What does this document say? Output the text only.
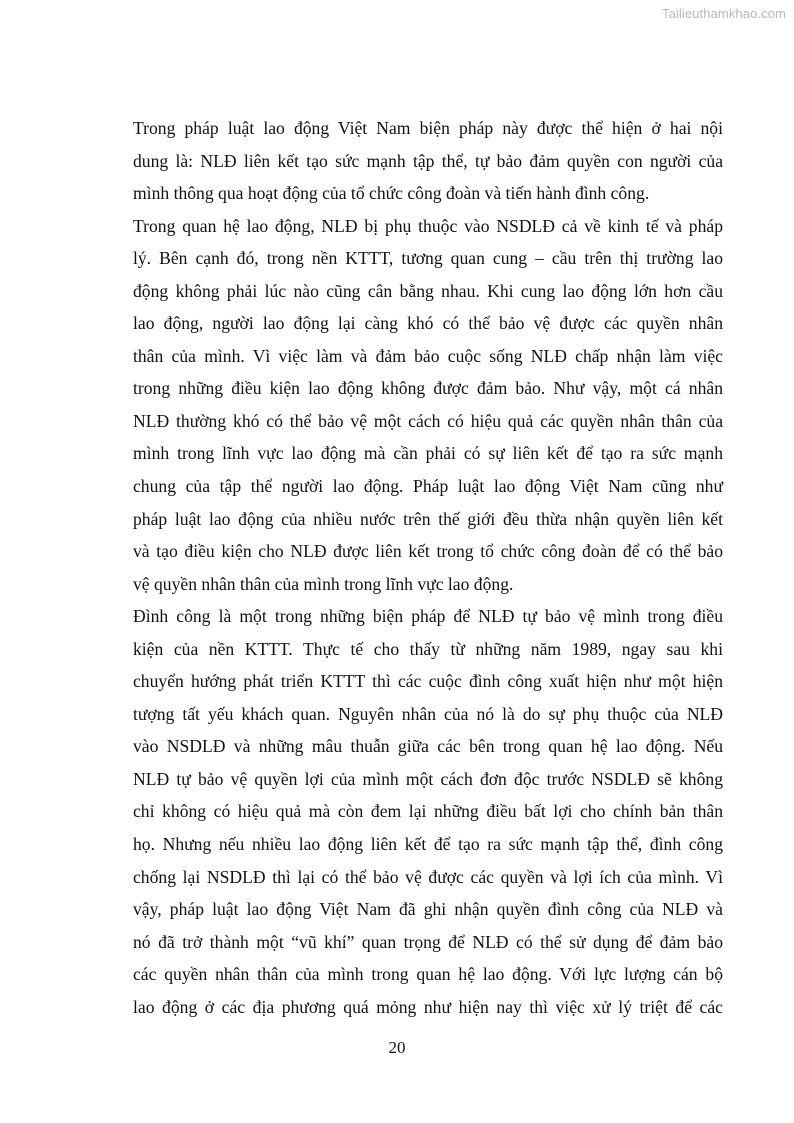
Tailieuthamkhao.com
Trong pháp luật lao động Việt Nam biện pháp này được thể hiện ở hai nội
dung là: NLĐ liên kết tạo sức mạnh tập thể, tự bảo đảm quyền con người của
mình thông qua hoạt động của tổ chức công đoàn và tiến hành đình công.
Trong quan hệ lao động, NLĐ bị phụ thuộc vào NSDLĐ cả về kinh tế và pháp
lý. Bên cạnh đó, trong nền KTTT, tương quan cung – cầu trên thị trường lao
động không phải lúc nào cũng cân bằng nhau. Khi cung lao động lớn hơn cầu
lao động, người lao động lại càng khó có thể bảo vệ được các quyền nhân
thân của mình. Vì việc làm và đảm bảo cuộc sống NLĐ chấp nhận làm việc
trong những điều kiện lao động không được đảm bảo. Như vậy, một cá nhân
NLĐ thường khó có thể bảo vệ một cách có hiệu quả các quyền nhân thân của
mình trong lĩnh vực lao động mà cần phải có sự liên kết để tạo ra sức mạnh
chung của tập thể người lao động. Pháp luật lao động Việt Nam cũng như
pháp luật lao động của nhiều nước trên thế giới đều thừa nhận quyền liên kết
và tạo điều kiện cho NLĐ được liên kết trong tổ chức công đoàn để có thể bảo
vệ quyền nhân thân của mình trong lĩnh vực lao động.
Đình công là một trong những biện pháp để NLĐ tự bảo vệ mình trong điều
kiện của nền KTTT. Thực tế cho thấy từ những năm 1989, ngay sau khi
chuyển hướng phát triển KTTT thì các cuộc đình công xuất hiện như một hiện
tượng tất yếu khách quan. Nguyên nhân của nó là do sự phụ thuộc của NLĐ
vào NSDLĐ và những mâu thuẫn giữa các bên trong quan hệ lao động. Nếu
NLĐ tự bảo vệ quyền lợi của mình một cách đơn độc trước NSDLĐ sẽ không
chỉ không có hiệu quả mà còn đem lại những điều bất lợi cho chính bản thân
họ. Nhưng nếu nhiều lao động liên kết để tạo ra sức mạnh tập thể, đình công
chống lại NSDLĐ thì lại có thể bảo vệ được các quyền và lợi ích của mình. Vì
vậy, pháp luật lao động Việt Nam đã ghi nhận quyền đình công của NLĐ và
nó đã trở thành một “vũ khí” quan trọng để NLĐ có thể sử dụng để đảm bảo
các quyền nhân thân của mình trong quan hệ lao động. Với lực lượng cán bộ
lao động ở các địa phương quá mỏng như hiện nay thì việc xử lý triệt để các
20
